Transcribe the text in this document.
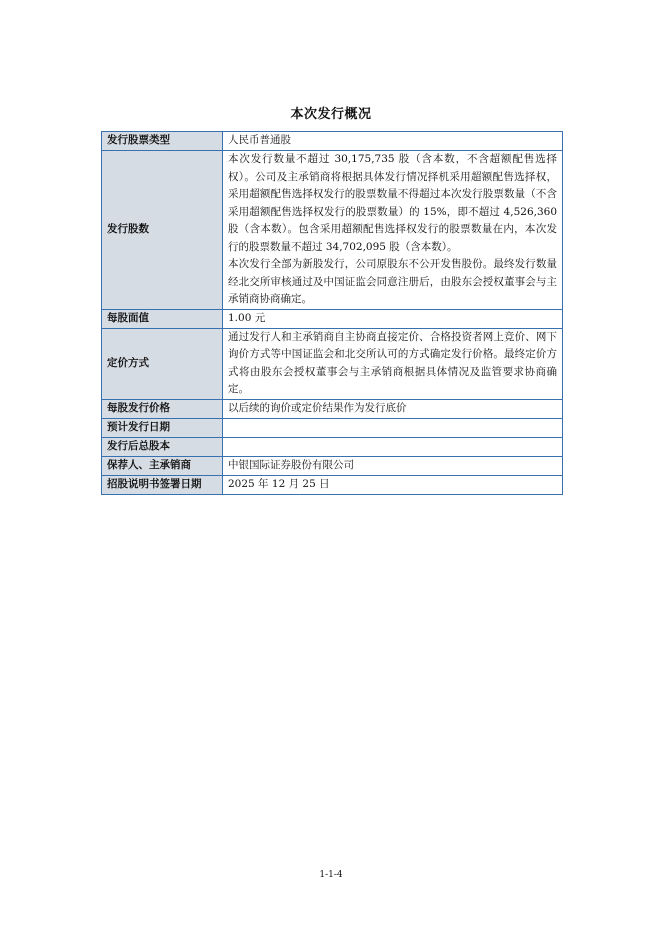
本次发行概况
发行股票类型	人民币普通股

发行股数	本次发行数量不超过 30,175,735 股（含本数，不含超额配售选择权）。公司及主承销商将根据具体发行情况择机采用超额配售选择权，采用超额配售选择权发行的股票数量不得超过本次发行股票数量（不含采用超额配售选择权发行的股票数量）的 15%，即不超过 4,526,360 股（含本数）。包含采用超额配售选择权发行的股票数量在内，本次发行的股票数量不超过 34,702,095 股（含本数）。
本次发行全部为新股发行，公司原股东不公开发售股份。最终发行数量经北交所审核通过及中国证监会同意注册后，由股东会授权董事会与主承销商协商确定。

每股面值	1.00 元

定价方式	通过发行人和主承销商自主协商直接定价、合格投资者网上竞价、网下询价方式等中国证监会和北交所认可的方式确定发行价格。最终定价方式将由股东会授权董事会与主承销商根据具体情况及监管要求协商确定。

每股发行价格	以后续的询价或定价结果作为发行底价

预计发行日期	

发行后总股本	

保荐人、主承销商	中银国际证券股份有限公司

招股说明书签署日期	2025 年 12 月 25 日
1-1-4
